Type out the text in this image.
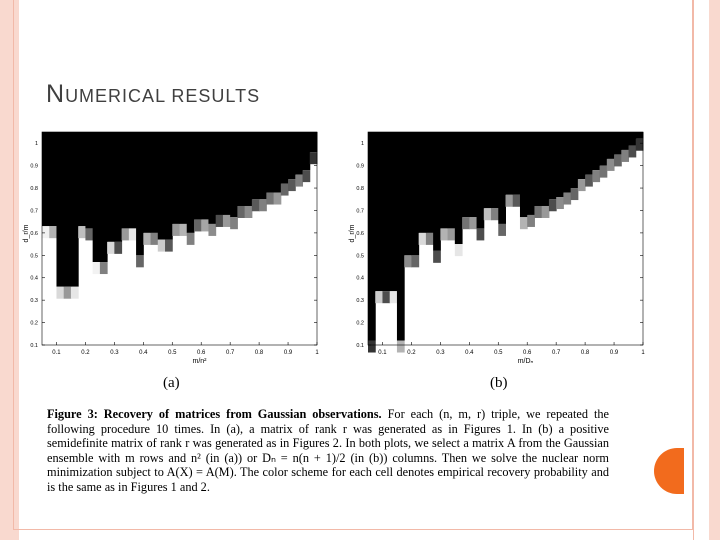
NUMERICAL RESULTS
0.1	0.2	0.3	0.4	0.5	0.6	0.7	0.8	0.9	1
0.1
0.2
0.3
0.4
0.5
0.6
0.7
0.8
0.9
1
m/n²
d_r/m
0.1	0.2	0.3	0.4	0.5	0.6	0.7	0.8	0.9	1
0.1
0.2
0.3
0.4
0.5
0.6
0.7
0.8
0.9
1
m/Dₙ
d_r/m
(a)	(b)
Figure 3: Recovery of matrices from Gaussian observations. For each (n, m, r) triple, we repeated the following procedure 10 times. In (a), a matrix of rank r was generated as in Figures 1. In (b) a positive semidefinite matrix of rank r was generated as in Figures 2. In both plots, we select a matrix A from the Gaussian ensemble with m rows and n² (in (a)) or Dₙ = n(n + 1)/2 (in (b)) columns. Then we solve the nuclear norm minimization subject to A(X) = A(M). The color scheme for each cell denotes empirical recovery probability and is the same as in Figures 1 and 2.
